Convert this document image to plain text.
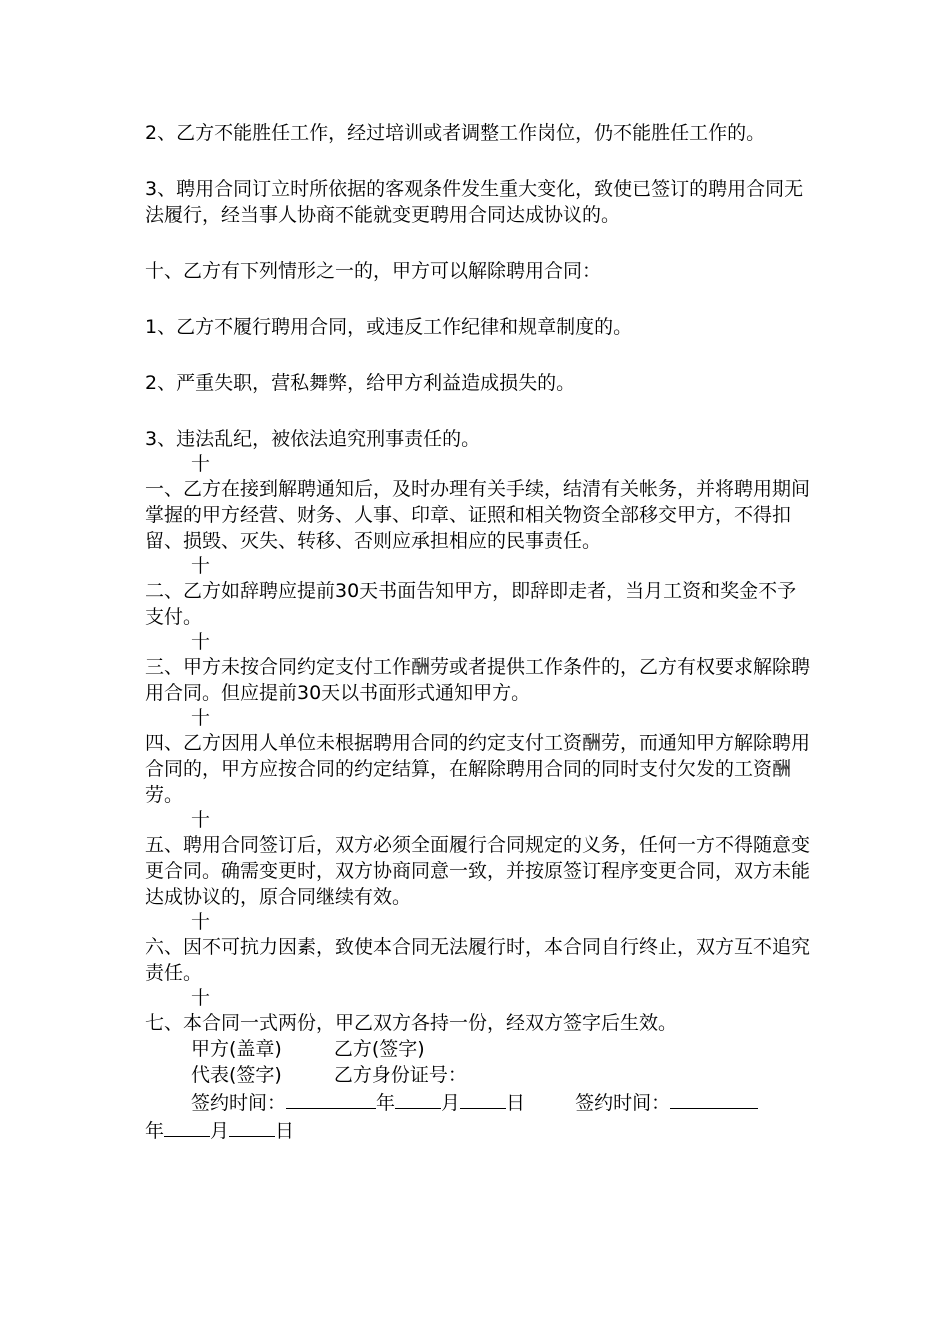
2、乙方不能胜任工作，经过培训或者调整工作岗位，仍不能胜任工作的。

3、聘用合同订立时所依据的客观条件发生重大变化，致使已签订的聘用合同无法履行，经当事人协商不能就变更聘用合同达成协议的。

十、乙方有下列情形之一的，甲方可以解除聘用合同：

1、乙方不履行聘用合同，或违反工作纪律和规章制度的。

2、严重失职，营私舞弊，给甲方利益造成损失的。

3、违法乱纪，被依法追究刑事责任的。

十

一、乙方在接到解聘通知后，及时办理有关手续，结清有关帐务，并将聘用期间掌握的甲方经营、财务、人事、印章、证照和相关物资全部移交甲方，不得扣留、损毁、灭失、转移、否则应承担相应的民事责任。

十

二、乙方如辞聘应提前30天书面告知甲方，即辞即走者，当月工资和奖金不予支付。

十

三、甲方未按合同约定支付工作酬劳或者提供工作条件的，乙方有权要求解除聘用合同。但应提前30天以书面形式通知甲方。

十

四、乙方因用人单位未根据聘用合同的约定支付工资酬劳，而通知甲方解除聘用合同的，甲方应按合同的约定结算，在解除聘用合同的同时支付欠发的工资酬劳。

十

五、聘用合同签订后，双方必须全面履行合同规定的义务，任何一方不得随意变更合同。确需变更时，双方协商同意一致，并按原签订程序变更合同，双方未能达成协议的，原合同继续有效。

十

六、因不可抗力因素，致使本合同无法履行时，本合同自行终止，双方互不追究责任。

十

七、本合同一式两份，甲乙双方各持一份，经双方签字后生效。

甲方(盖章)	乙方(签字)

代表(签字)	乙方身份证号：

签约时间：	年 月 日	签约时间：

年 月 日
